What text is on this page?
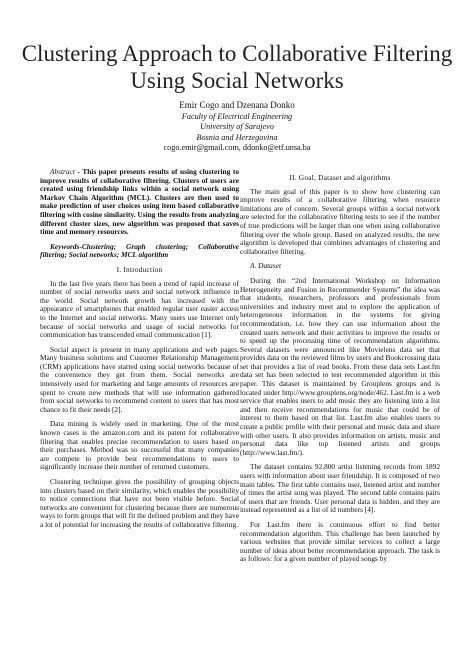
Clustering Approach to Collaborative Filtering Using Social Networks
Emir Cogo and Dzenana Donko
Faculty of Electrical Engineering
University of Sarajevo
Bosnia and Herzegovina
cogo.emir@gmail.com, ddonko@etf.unsa.ba

Abstract - This paper presents results of using clustering to improve results of collaborative filtering. Clusters of users are created using friendship links within a social network using Markov Chain Algorithm (MCL). Clusters are then used to make prediction of user choices using item based collaborative filtering with cosine similarity. Using the results from analyzing different cluster sizes, new algorithm was proposed that saves time and memory resources.

Keywords-Clustering; Graph clustering; Collaborative filtering; Social networks; MCL algorithm

I. Introduction

In the last five years there has been a trend of rapid increase of number of social networks users and social network influence in the world. Social network growth has increased with the appearance of smartphones that enabled regular user easier access to the Internet and social networks. Many users use Internet only because of social networks and usage of social networks for communication has transcended email communication [1].

Social aspect is present in many applications and web pages. Many business solutions and Customer Relationship Management (CRM) applications have started using social networks because of the convenience they get from them. Social networks are intensively used for marketing and large amounts of resources are spent to create new methods that will use information gathered from social networks to recommend content to users that has most chance to fit their needs [2].

Data mining is widely used in marketing. One of the most known cases is the amazon.com and its patent for collaborative filtering that enables precise recommendation to users based on their purchases. Method was so successful that many companies are compete to provide best recommendations to users to significantly increase their number of returned customers.

Clustering technique gives the possibility of grouping objects into clusters based on their similarity, which enables the possibility to notice connections that have not been visible before. Social networks are convenient for clustering because there are numerous ways to form groups that will fit the defined problem and they have a lot of potential for increasing the results of collaborative filtering.

II. Goal, Dataset and algorithms

The main goal of this paper is to show how clustering can improve results of a collaborative filtering when resource limitations are of concern. Several groups within a social network are selected for the collaborative filtering tests to see if the number of true predictions will be larger than one when using collaborative filtering over the whole group. Based on analyzed results, the new algorithm is developed that combines advantages of clustering and collaborative filtering.

A. Dataset

During the “2nd International Workshop on Information Heterogeneity and Fusion in Recommender Systems” the idea was that students, researchers, professors and professionals from universities and industry meet and to explore the application of heterogeneous information in the systems for giving recommendation, i.e. how they can use information about the created users network and their activities to improve the results or to speed up the processing time of recommendation algorithms. Several datasets were announced like Movielens data set that provides data on the reviewed films by users and Bookcrossing data set that provides a list of read books. From these data sets Last.fm data set has been selected to test recommended algorithm in this paper. This dataset is maintained by Grouplens groups and is located under http://www.grouplens.org/node/462. Last.fm is a web service that enables users to add music they are listening into a list and then receive recommendations for music that could be of interest to them based on that list. Last.fm also enables users to create a public profile with their personal and music data and share with other users. It also provides information on artists, music and personal data like top listened artists and groups (http://www.last.fm/).

The dataset contains 92,800 artist listening records from 1892 users with information about user friendship. It is composed of two main tables. The first table contains user, listened artist and number of times the artist song was played. The second table contains pairs of users that are friends. User personal data is hidden, and they are instead represented as a list of id numbers [4].

For Last.fm there is continuous effort to find better recommendation algorithm. This challenge has been launched by various websites that provide similar services to collect a large number of ideas about better recommendation approach. The task is as follows: for a given number of played songs by
